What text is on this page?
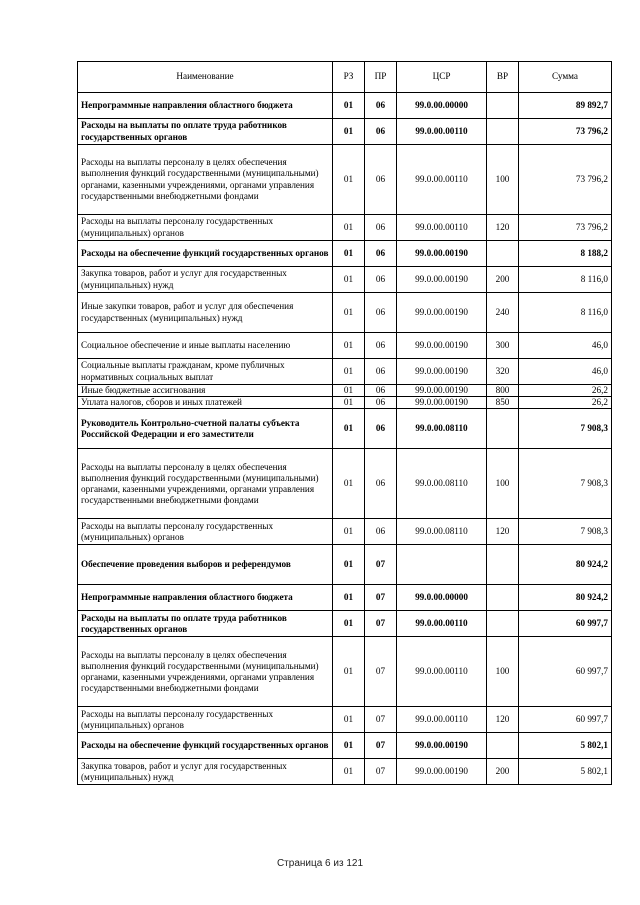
Наименование	РЗ	ПР	ЦСР	ВР	Сумма
Непрограммные направления областного бюджета	01	06	99.0.00.00000		89 892,7
Расходы на выплаты по оплате труда работников государственных органов	01	06	99.0.00.00110		73 796,2
Расходы на выплаты персоналу в целях обеспечения выполнения функций государственными (муниципальными) органами, казенными учреждениями, органами управления государственными внебюджетными фондами	01	06	99.0.00.00110	100	73 796,2
Расходы на выплаты персоналу государственных (муниципальных) органов	01	06	99.0.00.00110	120	73 796,2
Расходы на обеспечение функций государственных органов	01	06	99.0.00.00190		8 188,2
Закупка товаров, работ и услуг для государственных (муниципальных) нужд	01	06	99.0.00.00190	200	8 116,0
Иные закупки товаров, работ и услуг для обеспечения государственных (муниципальных) нужд	01	06	99.0.00.00190	240	8 116,0
Социальное обеспечение и иные выплаты населению	01	06	99.0.00.00190	300	46,0
Социальные выплаты гражданам, кроме публичных нормативных социальных выплат	01	06	99.0.00.00190	320	46,0
Иные бюджетные ассигнования	01	06	99.0.00.00190	800	26,2
Уплата налогов, сборов и иных платежей	01	06	99.0.00.00190	850	26,2
Руководитель Контрольно-счетной палаты субъекта Российской Федерации и его заместители	01	06	99.0.00.08110		7 908,3
Расходы на выплаты персоналу в целях обеспечения выполнения функций государственными (муниципальными) органами, казенными учреждениями, органами управления государственными внебюджетными фондами	01	06	99.0.00.08110	100	7 908,3
Расходы на выплаты персоналу государственных (муниципальных) органов	01	06	99.0.00.08110	120	7 908,3
Обеспечение проведения выборов и референдумов	01	07			80 924,2
Непрограммные направления областного бюджета	01	07	99.0.00.00000		80 924,2
Расходы на выплаты по оплате труда работников государственных органов	01	07	99.0.00.00110		60 997,7
Расходы на выплаты персоналу в целях обеспечения выполнения функций государственными (муниципальными) органами, казенными учреждениями, органами управления государственными внебюджетными фондами	01	07	99.0.00.00110	100	60 997,7
Расходы на выплаты персоналу государственных (муниципальных) органов	01	07	99.0.00.00110	120	60 997,7
Расходы на обеспечение функций государственных органов	01	07	99.0.00.00190		5 802,1
Закупка товаров, работ и услуг для государственных (муниципальных) нужд	01	07	99.0.00.00190	200	5 802,1
Страница 6 из 121
